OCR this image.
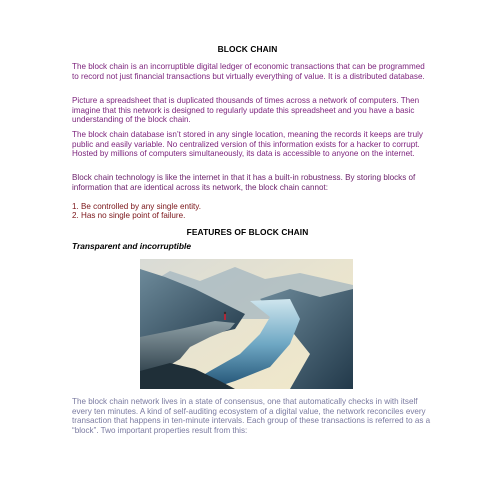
BLOCK CHAIN

The block chain is an incorruptible digital ledger of economic transactions that can be programmed to record not just financial transactions but virtually everything of value. It is a distributed database.

Picture a spreadsheet that is duplicated thousands of times across a network of computers. Then imagine that this network is designed to regularly update this spreadsheet and you have a basic understanding of the block chain.

The block chain database isn’t stored in any single location, meaning the records it keeps are truly public and easily variable. No centralized version of this information exists for a hacker to corrupt. Hosted by millions of computers simultaneously, its data is accessible to anyone on the internet.

Block chain technology is like the internet in that it has a built-in robustness. By storing blocks of information that are identical across its network, the block chain cannot:

1. Be controlled by any single entity.
2. Has no single point of failure.
FEATURES OF BLOCK CHAIN
Transparent and incorruptible

The block chain network lives in a state of consensus, one that automatically checks in with itself every ten minutes. A kind of self-auditing ecosystem of a digital value, the network reconciles every transaction that happens in ten-minute intervals. Each group of these transactions is referred to as a “block”. Two important properties result from this:
